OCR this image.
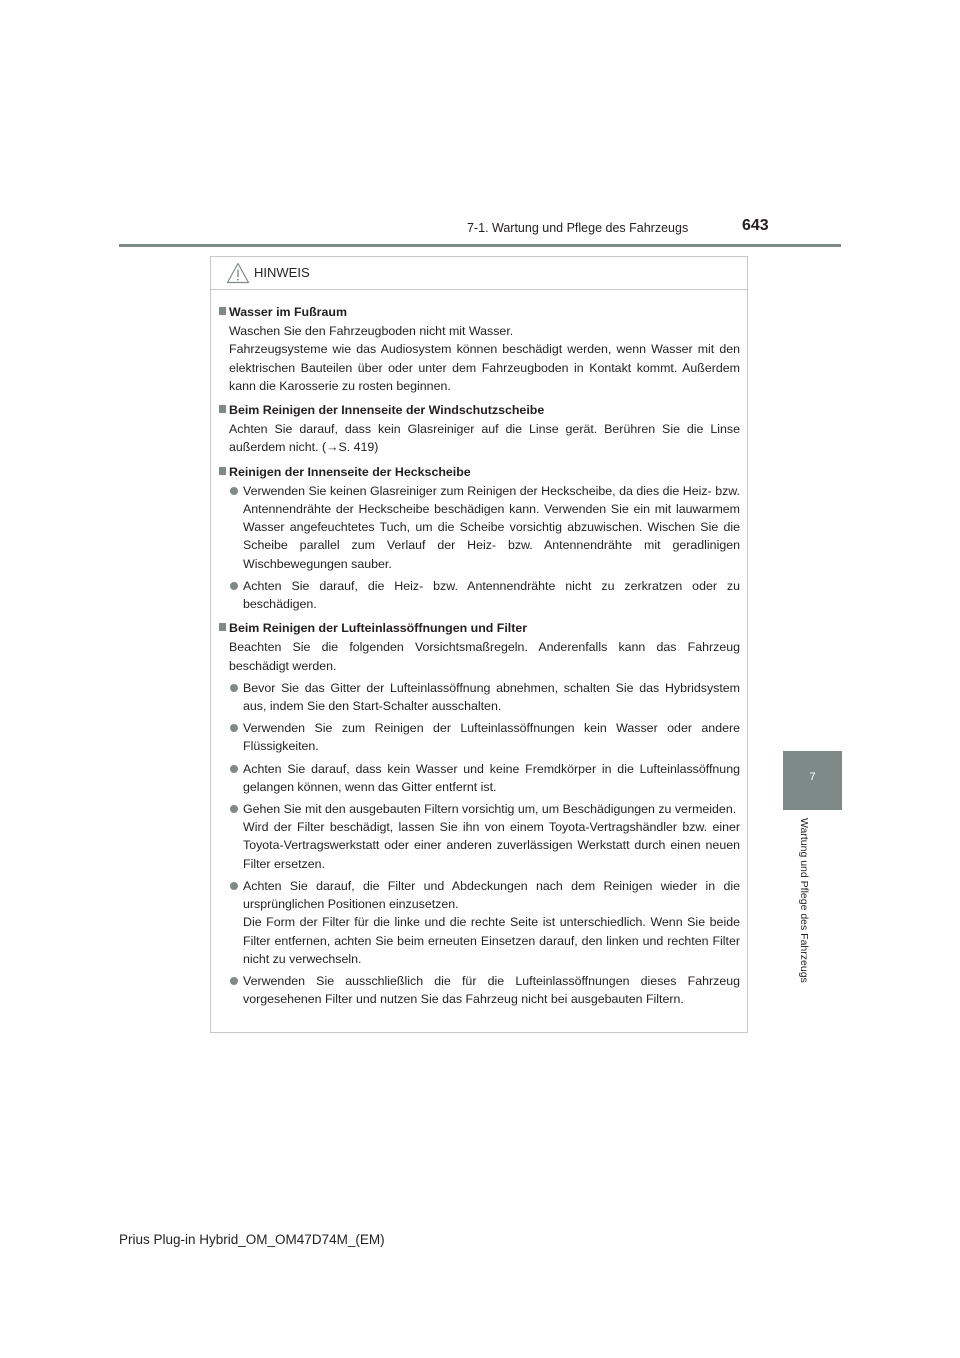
7-1. Wartung und Pflege des Fahrzeugs	643
7
Wartung und Pflege des Fahrzeugs
HINWEIS
Wasser im Fußraum
Waschen Sie den Fahrzeugboden nicht mit Wasser.
Fahrzeugsysteme wie das Audiosystem können beschädigt werden, wenn Wasser mit den elektrischen Bauteilen über oder unter dem Fahrzeugboden in Kontakt kommt. Außerdem kann die Karosserie zu rosten beginnen.
Beim Reinigen der Innenseite der Windschutzscheibe
Achten Sie darauf, dass kein Glasreiniger auf die Linse gerät. Berühren Sie die Linse außerdem nicht. (→S. 419)
Reinigen der Innenseite der Heckscheibe
Verwenden Sie keinen Glasreiniger zum Reinigen der Heckscheibe, da dies die Heiz- bzw. Antennendrähte der Heckscheibe beschädigen kann. Verwenden Sie ein mit lauwarmem Wasser angefeuchtetes Tuch, um die Scheibe vorsichtig abzuwischen. Wischen Sie die Scheibe parallel zum Verlauf der Heiz- bzw. Antennendrähte mit geradlinigen Wischbewegungen sauber.
Achten Sie darauf, die Heiz- bzw. Antennendrähte nicht zu zerkratzen oder zu beschädigen.
Beim Reinigen der Lufteinlassöffnungen und Filter
Beachten Sie die folgenden Vorsichtsmaßregeln. Anderenfalls kann das Fahrzeug beschädigt werden.
Bevor Sie das Gitter der Lufteinlassöffnung abnehmen, schalten Sie das Hybridsystem aus, indem Sie den Start-Schalter ausschalten.
Verwenden Sie zum Reinigen der Lufteinlassöffnungen kein Wasser oder andere Flüssigkeiten.
Achten Sie darauf, dass kein Wasser und keine Fremdkörper in die Lufteinlassöffnung gelangen können, wenn das Gitter entfernt ist.
Gehen Sie mit den ausgebauten Filtern vorsichtig um, um Beschädigungen zu vermeiden.
Wird der Filter beschädigt, lassen Sie ihn von einem Toyota-Vertragshändler bzw. einer Toyota-Vertragswerkstatt oder einer anderen zuverlässigen Werkstatt durch einen neuen Filter ersetzen.
Achten Sie darauf, die Filter und Abdeckungen nach dem Reinigen wieder in die ursprünglichen Positionen einzusetzen.
Die Form der Filter für die linke und die rechte Seite ist unterschiedlich. Wenn Sie beide Filter entfernen, achten Sie beim erneuten Einsetzen darauf, den linken und rechten Filter nicht zu verwechseln.
Verwenden Sie ausschließlich die für die Lufteinlassöffnungen dieses Fahrzeug vorgesehenen Filter und nutzen Sie das Fahrzeug nicht bei ausgebauten Filtern.
Prius Plug-in Hybrid_OM_OM47D74M_(EM)
